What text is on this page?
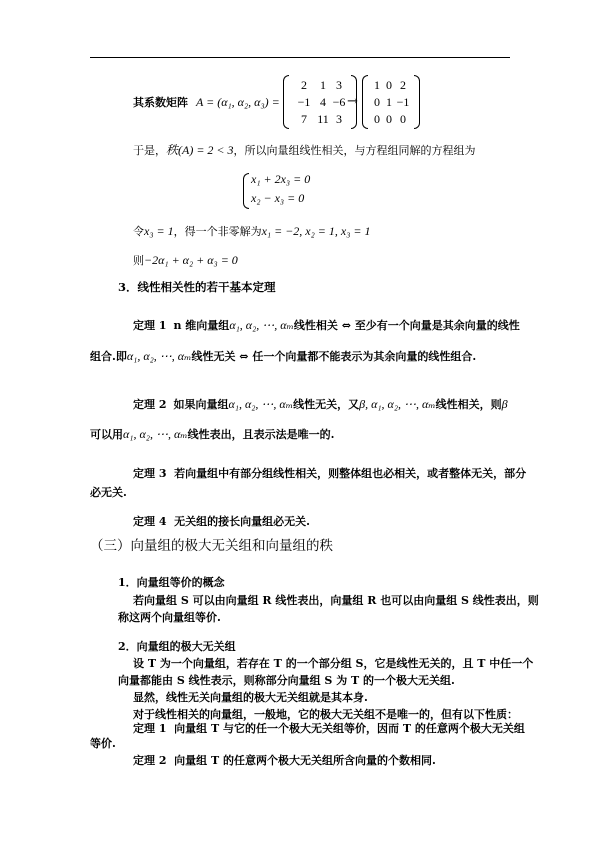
其系数矩阵 A = (α₁, α₂, α₃) =
2	1 3
−1 4 −6
7 11 3
→
1 0 2
0 1 −1
0 0 0
于是，秩(A) = 2 < 3，所以向量组线性相关，与方程组同解的方程组为
x₁ + 2x₃ = 0
x₂ − x₃ = 0
令x₃ = 1，得一个非零解为x₁ = −2, x₂ = 1, x₃ = 1
则−2α₁ + α₂ + α₃ = 0
3．线性相关性的若干基本定理
定理 1 n 维向量组α₁, α₂, ⋯, αₘ线性相关 ⇔ 至少有一个向量是其余向量的线性
组合.即α₁, α₂, ⋯, αₘ线性无关 ⇔ 任一个向量都不能表示为其余向量的线性组合.
定理 2 如果向量组α₁, α₂, ⋯, αₘ线性无关，又β, α₁, α₂, ⋯, αₘ线性相关，则β
可以用α₁, α₂, ⋯, αₘ线性表出，且表示法是唯一的.
定理 3 若向量组中有部分组线性相关，则整体组也必相关，或者整体无关，部分
必无关.
定理 4 无关组的接长向量组必无关.
（三）向量组的极大无关组和向量组的秩
1．向量组等价的概念
若向量组 S 可以由向量组 R 线性表出，向量组 R 也可以由向量组 S 线性表出，则
称这两个向量组等价.
2．向量组的极大无关组
设 T 为一个向量组，若存在 T 的一个部分组 S，它是线性无关的，且 T 中任一个
向量都能由 S 线性表示，则称部分向量组 S 为 T 的一个极大无关组.
显然，线性无关向量组的极大无关组就是其本身.
对于线性相关的向量组，一般地，它的极大无关组不是唯一的，但有以下性质：
定理 1 向量组 T 与它的任一个极大无关组等价，因而 T 的任意两个极大无关组
等价.
定理 2 向量组 T 的任意两个极大无关组所含向量的个数相同.
